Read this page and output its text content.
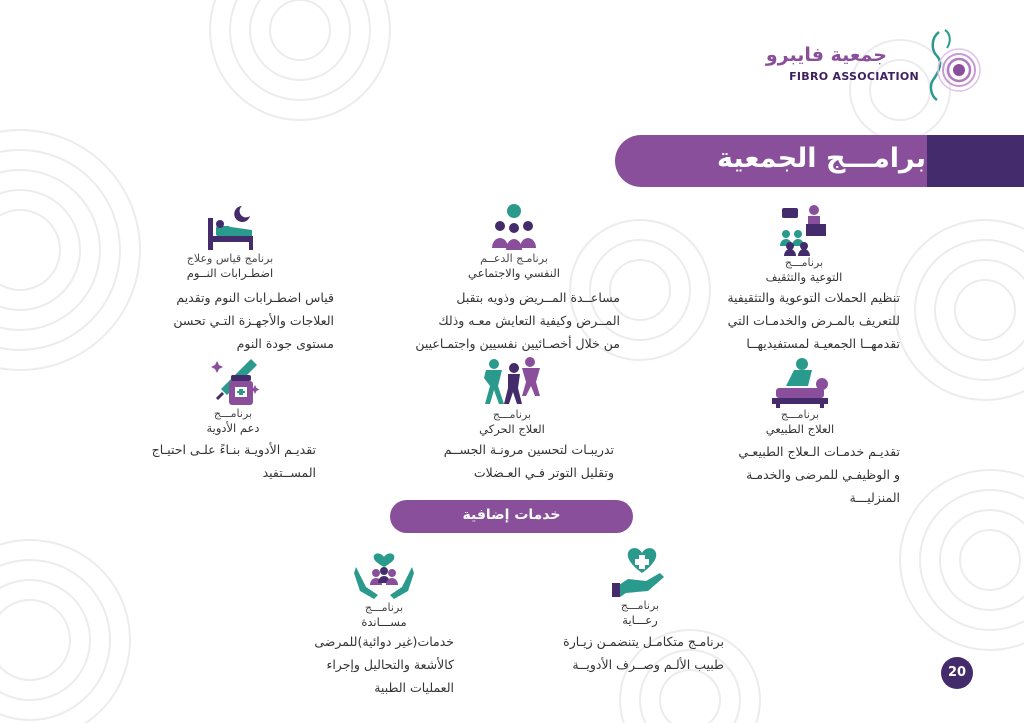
جمعية فايبرو
FIBRO ASSOCIATION
برامـــج الجمعية
برنامج قياس وعلاج
اضطـرابات النــوم
قياس اضطـرابات النوم وتقديم
العلاجات والأجهـزة التـي تحسن
مستوى جودة النوم
برنامـج الدعــم
النفسي والاجتماعي
مساعــدة المــريض وذويه بتقبل
المــرض وكيفية التعايش معـه وذلك
من خلال أخصـائيين نفسيين واجتمـاعيين
برنامـــج
التوعية والتثقيف
تنظيم الحملات التوعوية والتثقيفية
للتعريف بالمـرض والخدمـات التي
تقدمهــا الجمعيـة لمستفيديهــا
برنامـــج
دعم الأدوية
تقديـم الأدويـة بنـاءً علـى احتيـاج
المســتفيد
برنامـــج
العلاج الحركي
تدريبـات لتحسين مرونـة الجســم
وتقليل التوتر فـي العـضلات
برنامـــج
العلاج الطبيعي
تقديـم خدمـات الـعلاج الطبيعـي
و الوظيفـي للمرضى والخدمـة
المنزليـــة
خدمات إضافية
برنامـــج
مســـاندة
خدمات(غير دوائية)للمرضى
كالأشعة والتحاليل وإجراء
العمليات الطبية
برنامـــج
رعـــاية
برنامـج متكامـل يتنضمـن زيـارة
طبيب الألـم وصــرف الأدويــة
20
